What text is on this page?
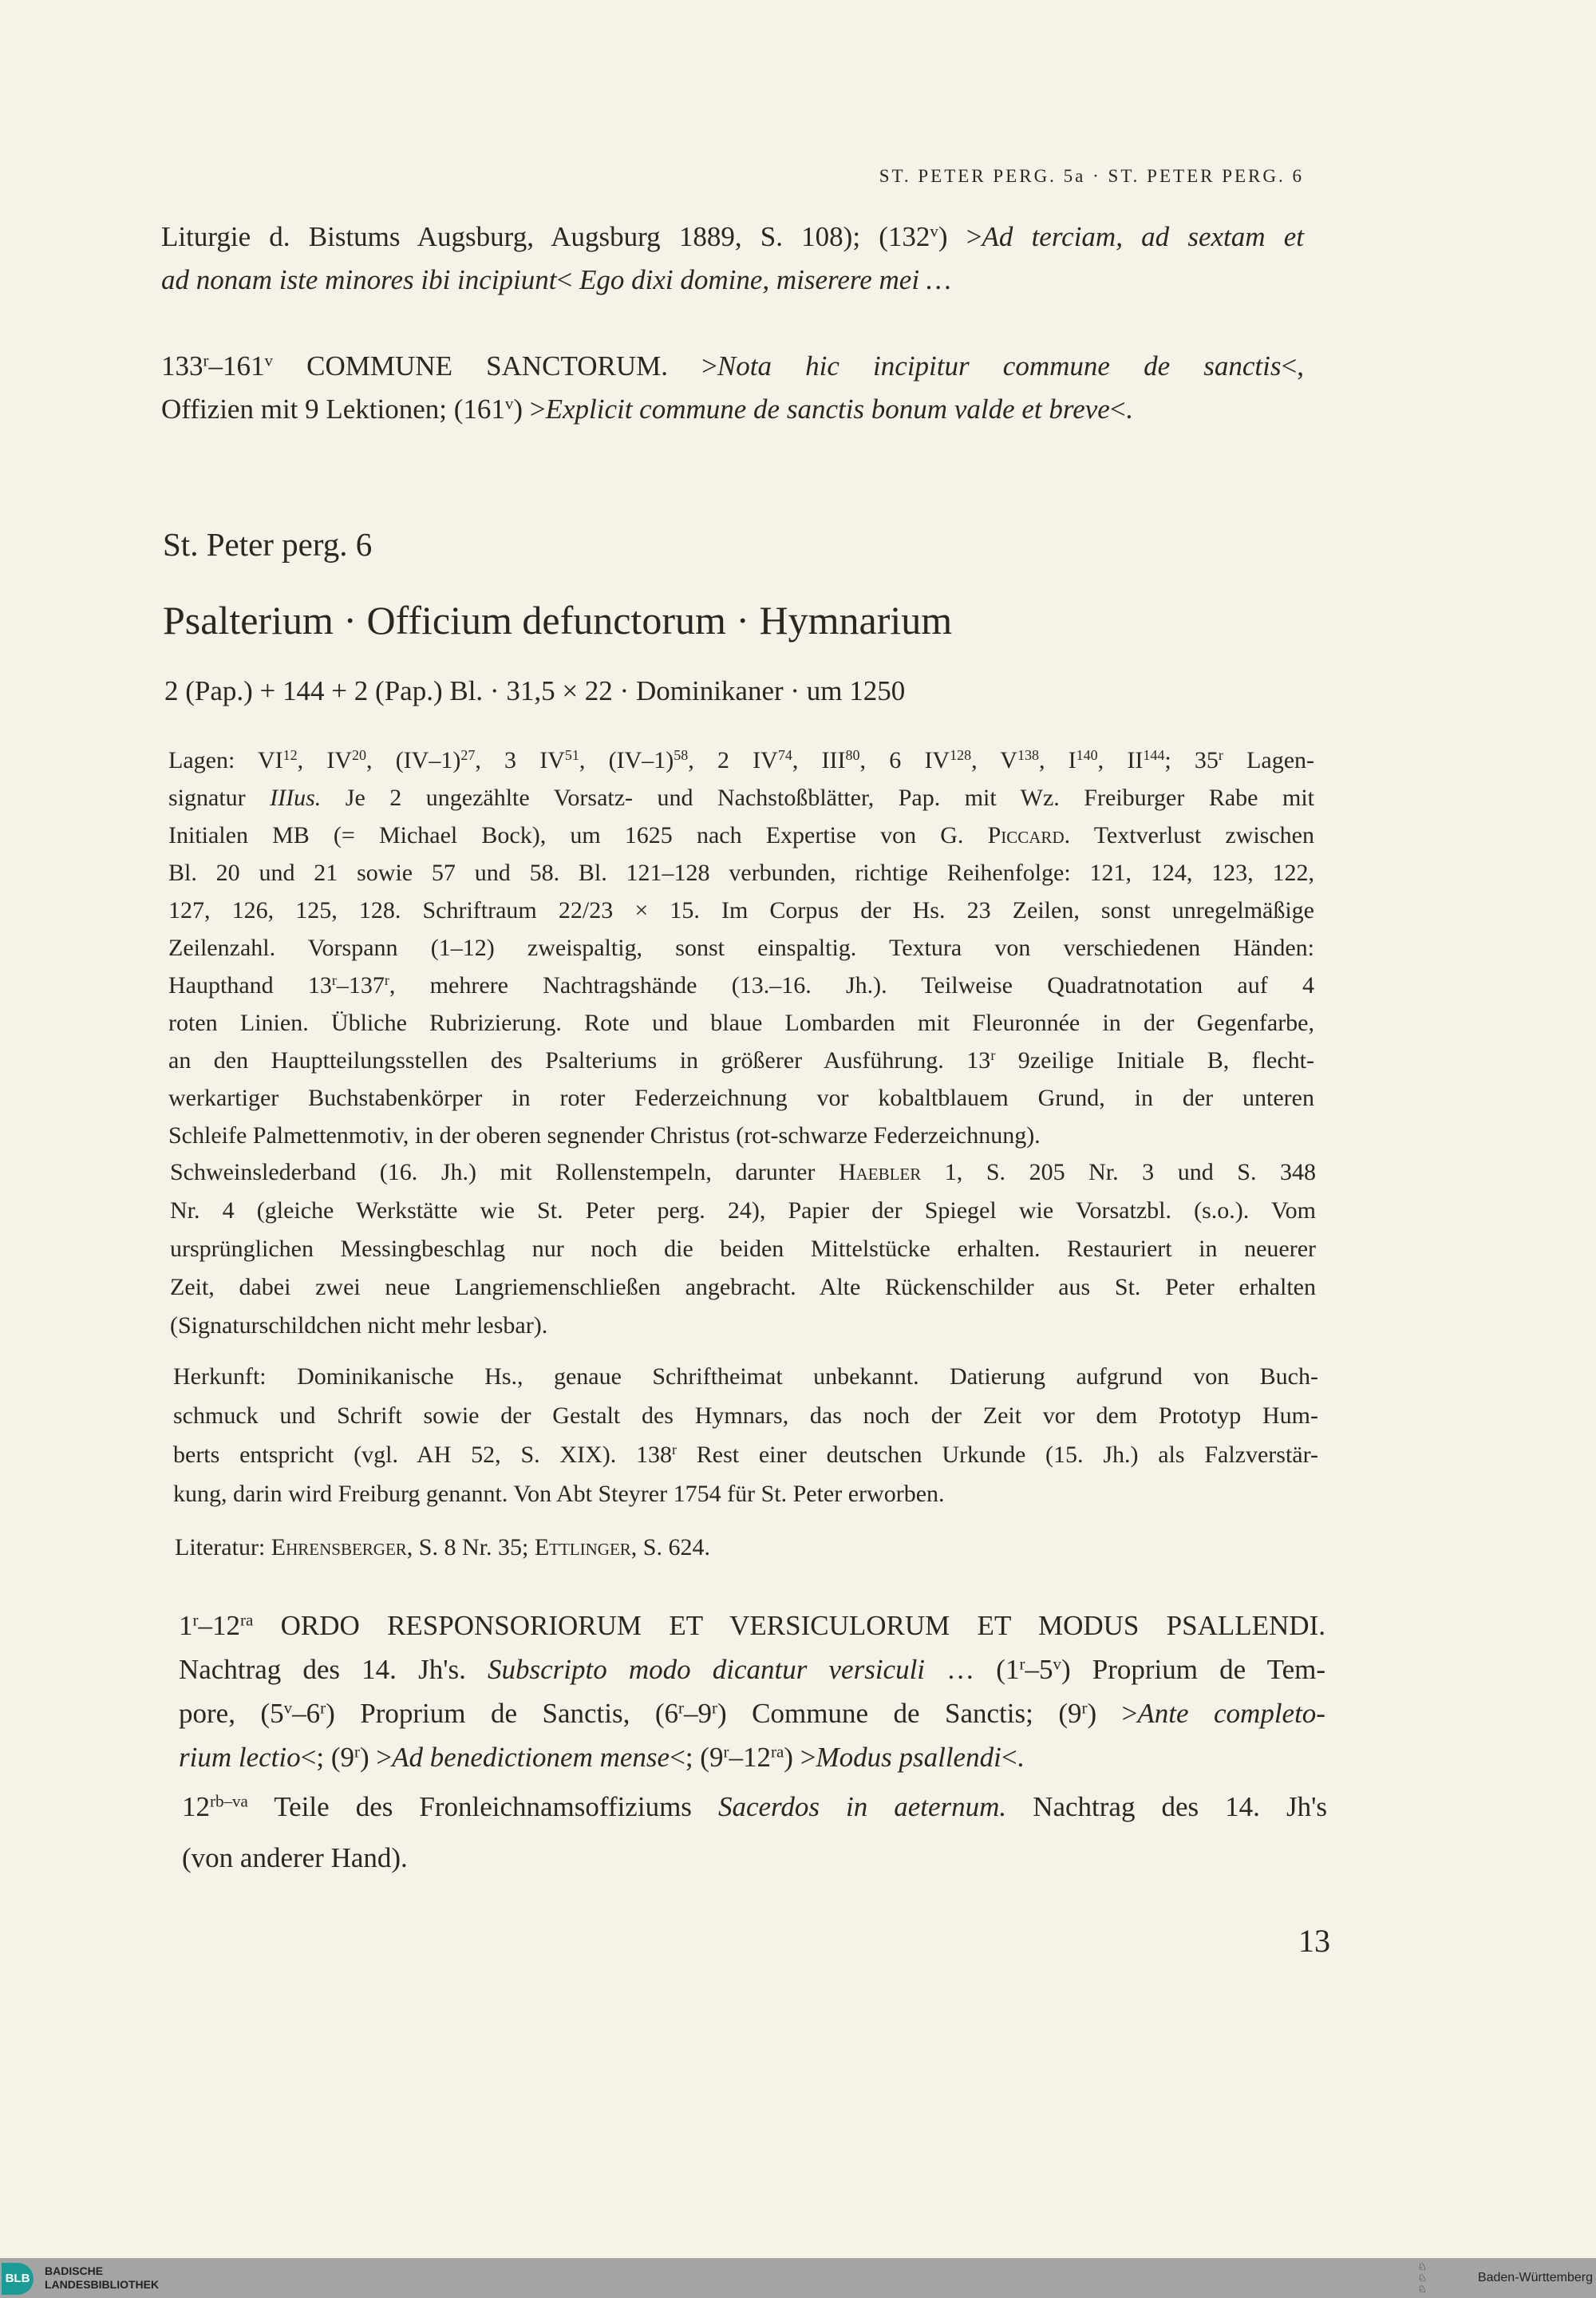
ST. PETER PERG. 5a · ST. PETER PERG. 6
Liturgie d. Bistums Augsburg, Augsburg 1889, S. 108); $(132^v) >Ad$ terciam, ad sextam et
ad nonam iste minores ibi incipiunt< Ego dixi domine, miserere mei …
133$^r$–161$^v$ COMMUNE SANCTORUM. >Nota hic incipitur commune de sanctis<,
Offizien mit 9 Lektionen; $(161^v)$ >Explicit commune de sanctis bonum valde et breve<.
St. Peter perg. 6
Psalterium · Officium defunctorum · Hymnarium
2 (Pap.) + 144 + 2 (Pap.) Bl. · 31,5 × 22 · Dominikaner · um 1250
Lagen: VI$^{12}$, IV$^{20}$, $(IV-1)^{27}$, 3 IV$^{51}$, $(IV-1)^{58}$, 2 IV$^{74}$, III$^{80}$, 6 IV$^{128}$, $V^{138}$, $I^{140}$, II$^{144}$; 35$^r$ Lagen-
signatur IIIus. Je 2 ungezählte Vorsatz- und Nachstoßblätter, Pap. mit Wz. Freiburger Rabe mit
Initialen MB (= Michael Bock), um 1625 nach Expertise von G. Piccard. Textverlust zwischen
Bl. 20 und 21 sowie 57 und 58. Bl. 121–128 verbunden, richtige Reihenfolge: 121, 124, 123, 122,
127, 126, 125, 128. Schriftraum 22/23 × 15. Im Corpus der Hs. 23 Zeilen, sonst unregelmäßige
Zeilenzahl. Vorspann (1–12) zweispaltig, sonst einspaltig. Textura von verschiedenen Händen:
Haupthand 13$^r$–137$^r$, mehrere Nachtragshände (13.–16. Jh.). Teilweise Quadratnotation auf 4
roten Linien. Übliche Rubrizierung. Rote und blaue Lombarden mit Fleuronnée in der Gegenfarbe,
an den Hauptteilungsstellen des Psalteriums in größerer Ausführung. 13$^r$ 9zeilige Initiale B, flecht-
werkartiger Buchstabenkörper in roter Federzeichnung vor kobaltblauem Grund, in der unteren
Schleife Palmettenmotiv, in der oberen segnender Christus (rot-schwarze Federzeichnung).
Schweinslederband (16. Jh.) mit Rollenstempeln, darunter Haebler 1, S. 205 Nr. 3 und S. 348
Nr. 4 (gleiche Werkstätte wie St. Peter perg. 24), Papier der Spiegel wie Vorsatzbl. (s.o.). Vom
ursprünglichen Messingbeschlag nur noch die beiden Mittelstücke erhalten. Restauriert in neuerer
Zeit, dabei zwei neue Langriemenschließen angebracht. Alte Rückenschilder aus St. Peter erhalten
(Signaturschildchen nicht mehr lesbar).
Herkunft: Dominikanische Hs., genaue Schriftheimat unbekannt. Datierung aufgrund von Buch-
schmuck und Schrift sowie der Gestalt des Hymnars, das noch der Zeit vor dem Prototyp Hum-
berts entspricht (vgl. AH 52, S. XIX). 138$^r$ Rest einer deutschen Urkunde (15. Jh.) als Falzverstär-
kung, darin wird Freiburg genannt. Von Abt Steyrer 1754 für St. Peter erworben.
Literatur: Ehrensberger, S. 8 Nr. 35; Ettlinger, S. 624.
$1^r-12^{ra}$ ORDO RESPONSORIORUM ET VERSICULORUM ET MODUS PSALLENDI.
Nachtrag des 14. Jh's. Subscripto modo dicantur versiculi … (1$^r$–5$^v$) Proprium de Tem-
pore, (5$^v$–6$^r$) Proprium de Sanctis, (6$^r$–9$^r$) Commune de Sanctis; $(9^r)$ >Ante completo-
rium lectio<; $(9^r) >Ad$ benedictionem mense<; $(9^r-12^{ra})$ >Modus psallendi<.
$12^{rb-va}$ Teile des Fronleichnamsoffiziums Sacerdos in aeternum. Nachtrag des 14. Jh's
(von anderer Hand).
13
BLB
BADISCHE
LANDESBIBLIOTHEK
♘
♘
♘
Baden-Württemberg
